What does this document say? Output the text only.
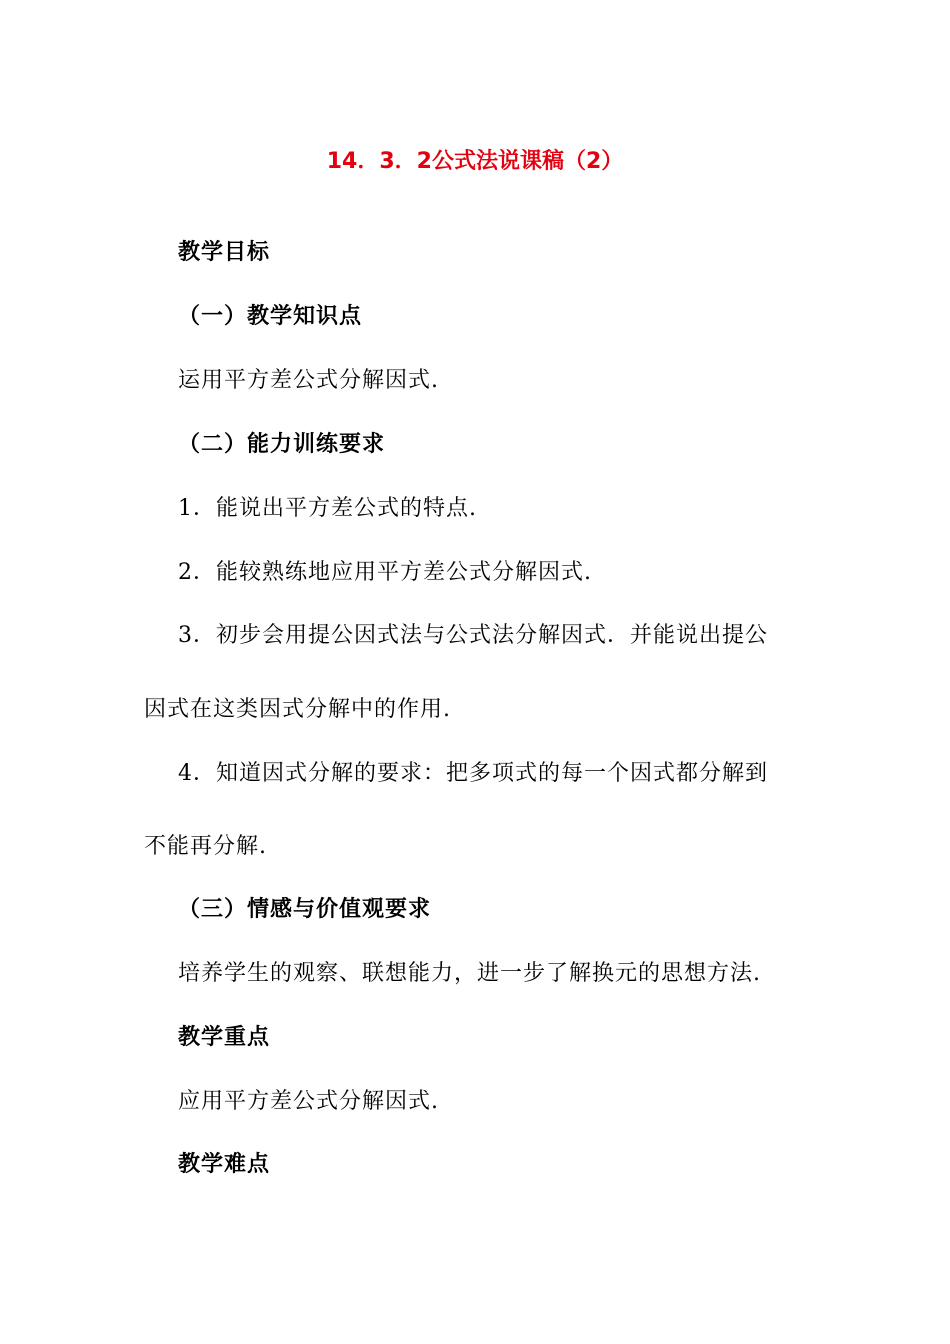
14．3．2公式法说课稿（2）
教学目标
（一）教学知识点
运用平方差公式分解因式.
（二）能力训练要求
1．能说出平方差公式的特点.
2．能较熟练地应用平方差公式分解因式.
3．初步会用提公因式法与公式法分解因式．并能说出提公
因式在这类因式分解中的作用.
4．知道因式分解的要求：把多项式的每一个因式都分解到
不能再分解.
（三）情感与价值观要求
培养学生的观察、联想能力，进一步了解换元的思想方法.
教学重点
应用平方差公式分解因式.
教学难点
